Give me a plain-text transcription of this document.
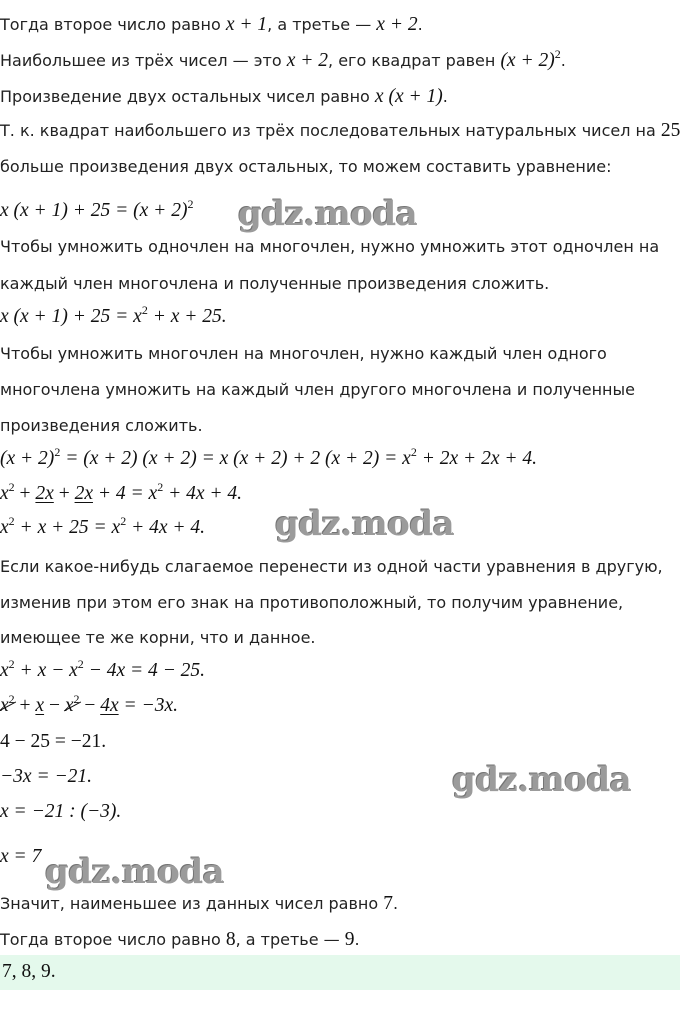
Тогда второе число равно x + 1, а третье — x + 2.
Наибольшее из трёх чисел — это x + 2, его квадрат равен $(x + 2)^2$.
Произведение двух остальных чисел равно x (x + 1).
Т. к. квадрат наибольшего из трёх последовательных натуральных чисел на 25
больше произведения двух остальных, то можем составить уравнение:
x $(x + 1) + 25 = (x + 2)^2$
Чтобы умножить одночлен на многочлен, нужно умножить этот одночлен на
каждый член многочлена и полученные произведения сложить.
x $(x + 1) + 25 = x^2 + x + 25$.
Чтобы умножить многочлен на многочлен, нужно каждый член одного
многочлена умножить на каждый член другого многочлена и полученные
произведения сложить.
$(x + 2)^2 = (x + 2)$ (x + 2) = x (x + 2) + 2 $(x + 2) = x^2 + 2x + 2x + 4$.
$x^2 + 2x + 2x + 4 = x^2 + 4x + 4$.
$x^2 + x + 25 = x^2 + 4x + 4$.
Если какое-нибудь слагаемое перенести из одной части уравнения в другую,
изменив при этом его знак на противоположный, то получим уравнение,
имеющее те же корни, что и данное.
$x^2 + x - x^2 - 4x = 4 - 25$.
$x^2 + x - x^2 - 4x = -3x$.
4 − 25 = −21.
−3x = −21.
x = −21 : (−3).
x = 7
Значит, наименьшее из данных чисел равно 7.
Тогда второе число равно 8, а третье — 9.
7, 8, 9.
gdz.moda
gdz.moda
gdz.moda
gdz.moda
